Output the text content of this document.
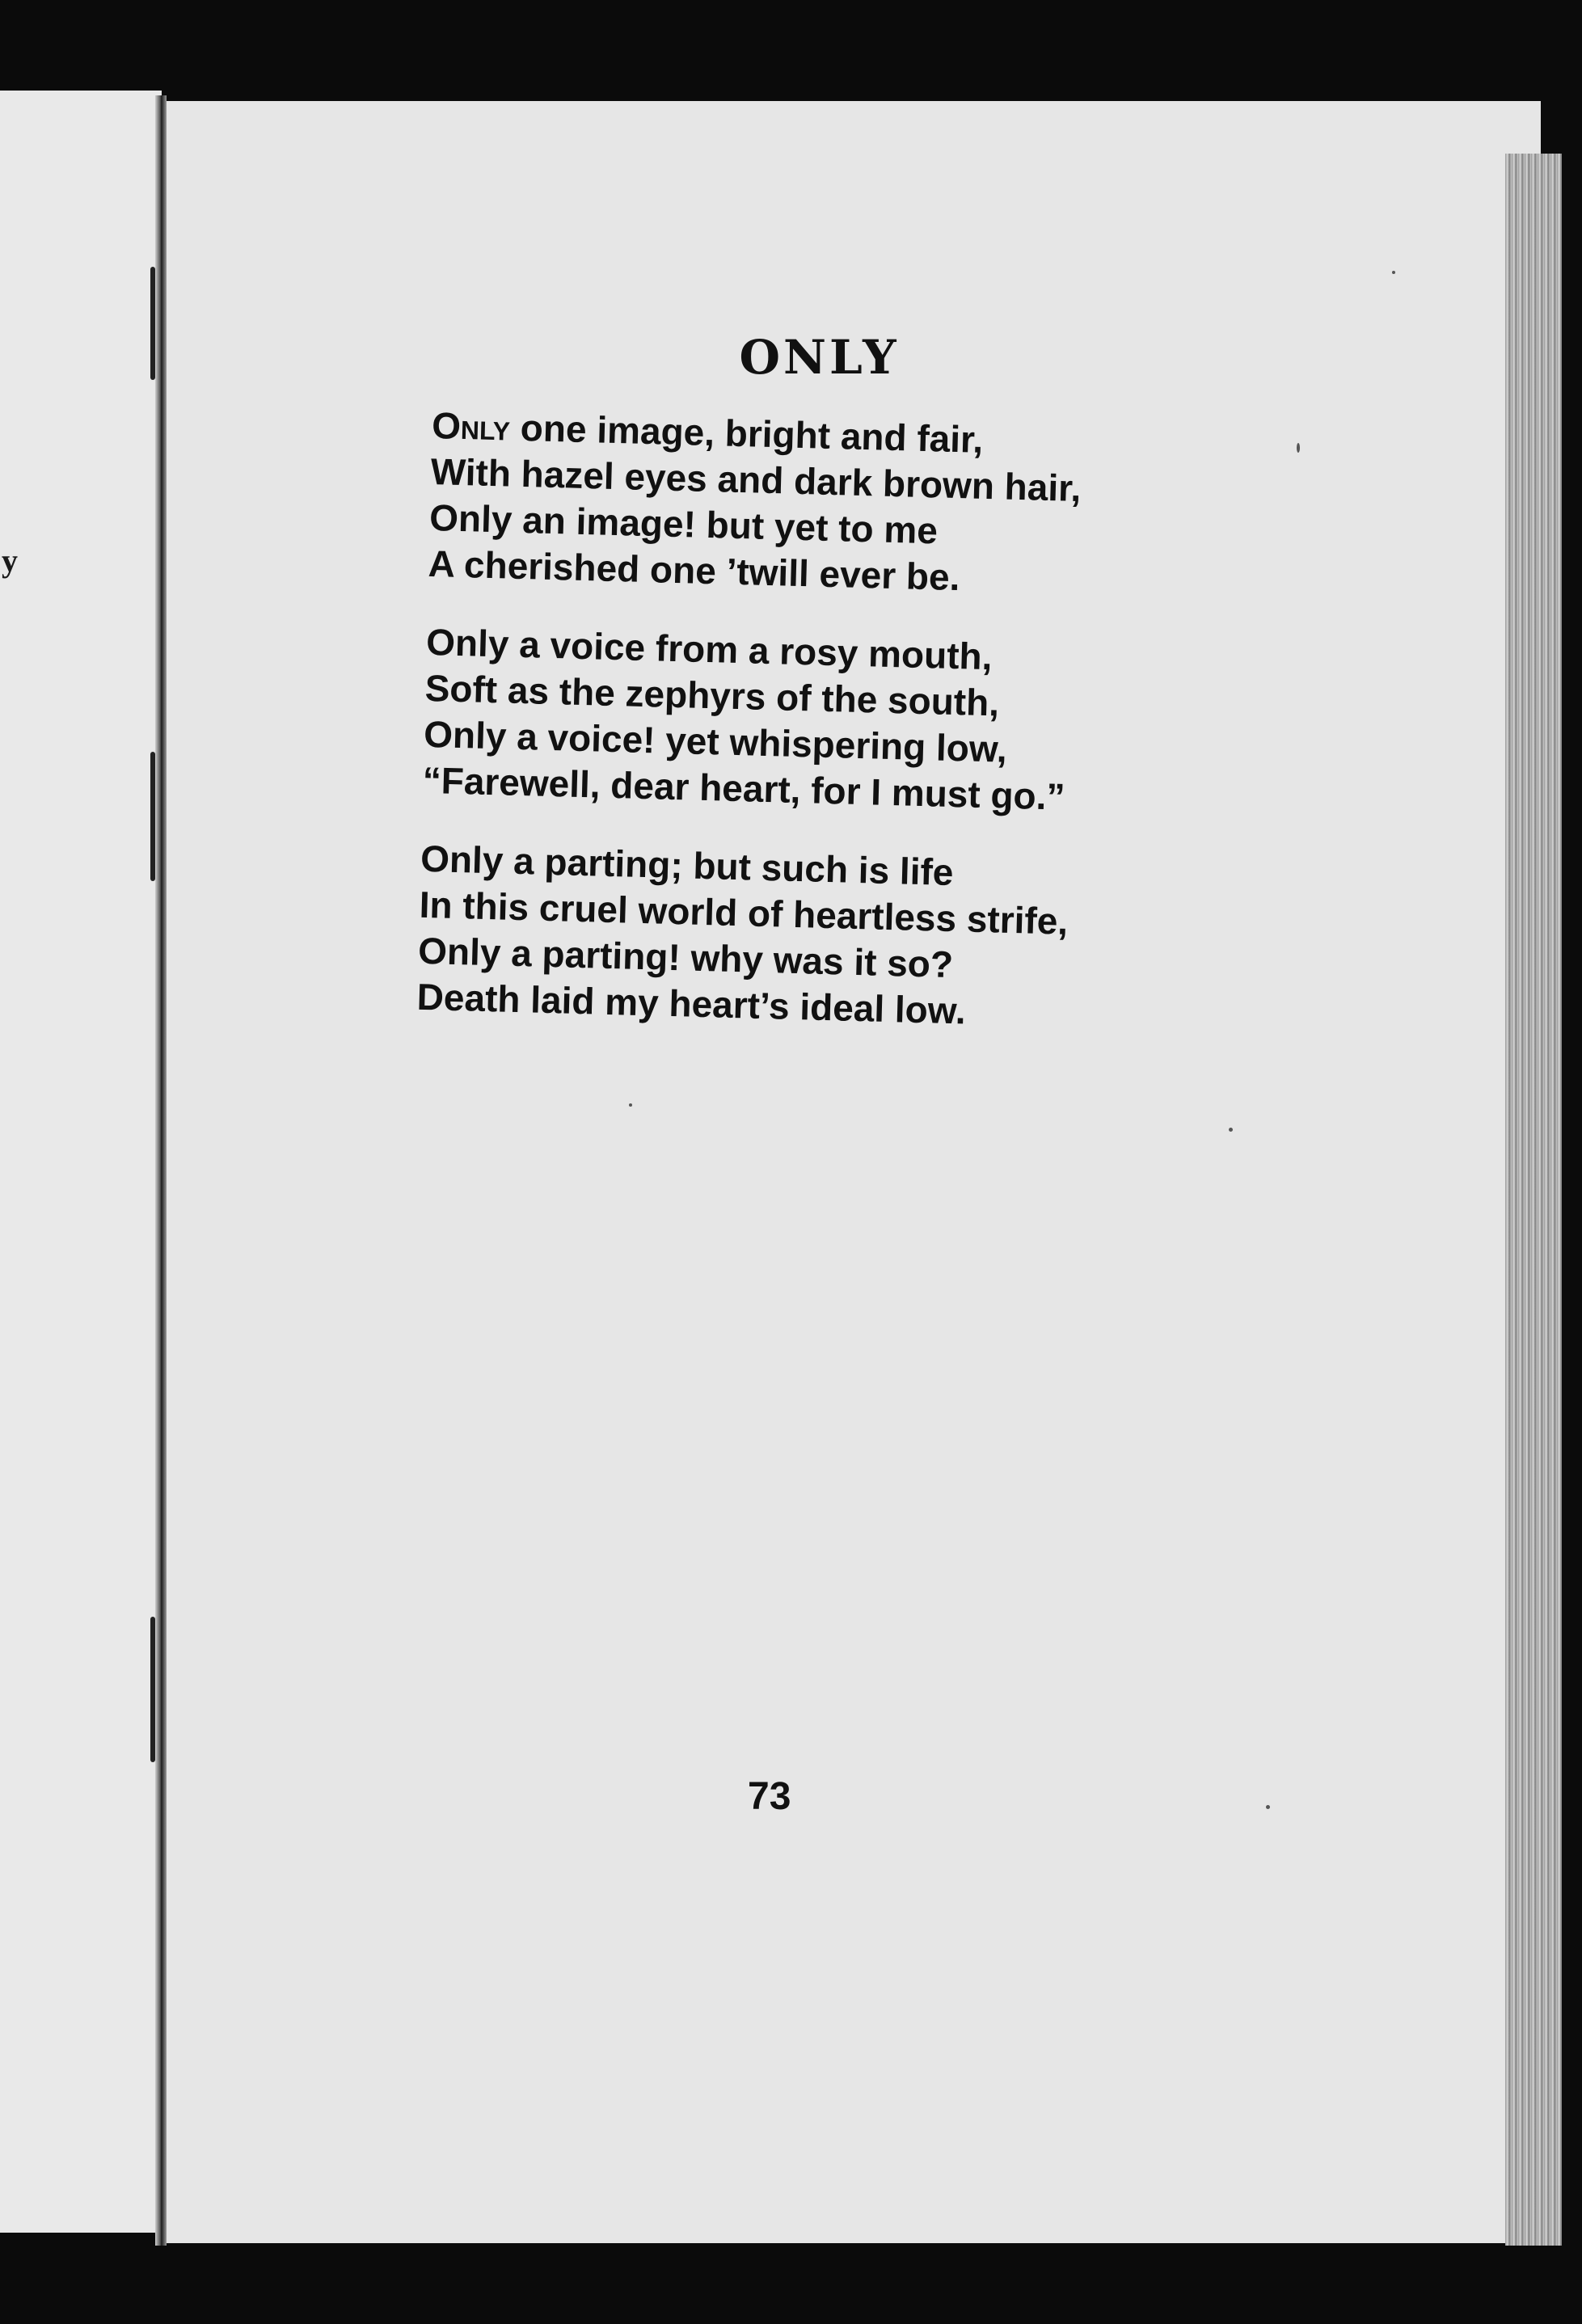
y
ONLY
Only one image, bright and fair,
With hazel eyes and dark brown hair,
Only an image! but yet to me
A cherished one ’twill ever be.
Only a voice from a rosy mouth,
Soft as the zephyrs of the south,
Only a voice! yet whispering low,
“Farewell, dear heart, for I must go.”
Only a parting; but such is life
In this cruel world of heartless strife,
Only a parting! why was it so?
Death laid my heart’s ideal low.
73
